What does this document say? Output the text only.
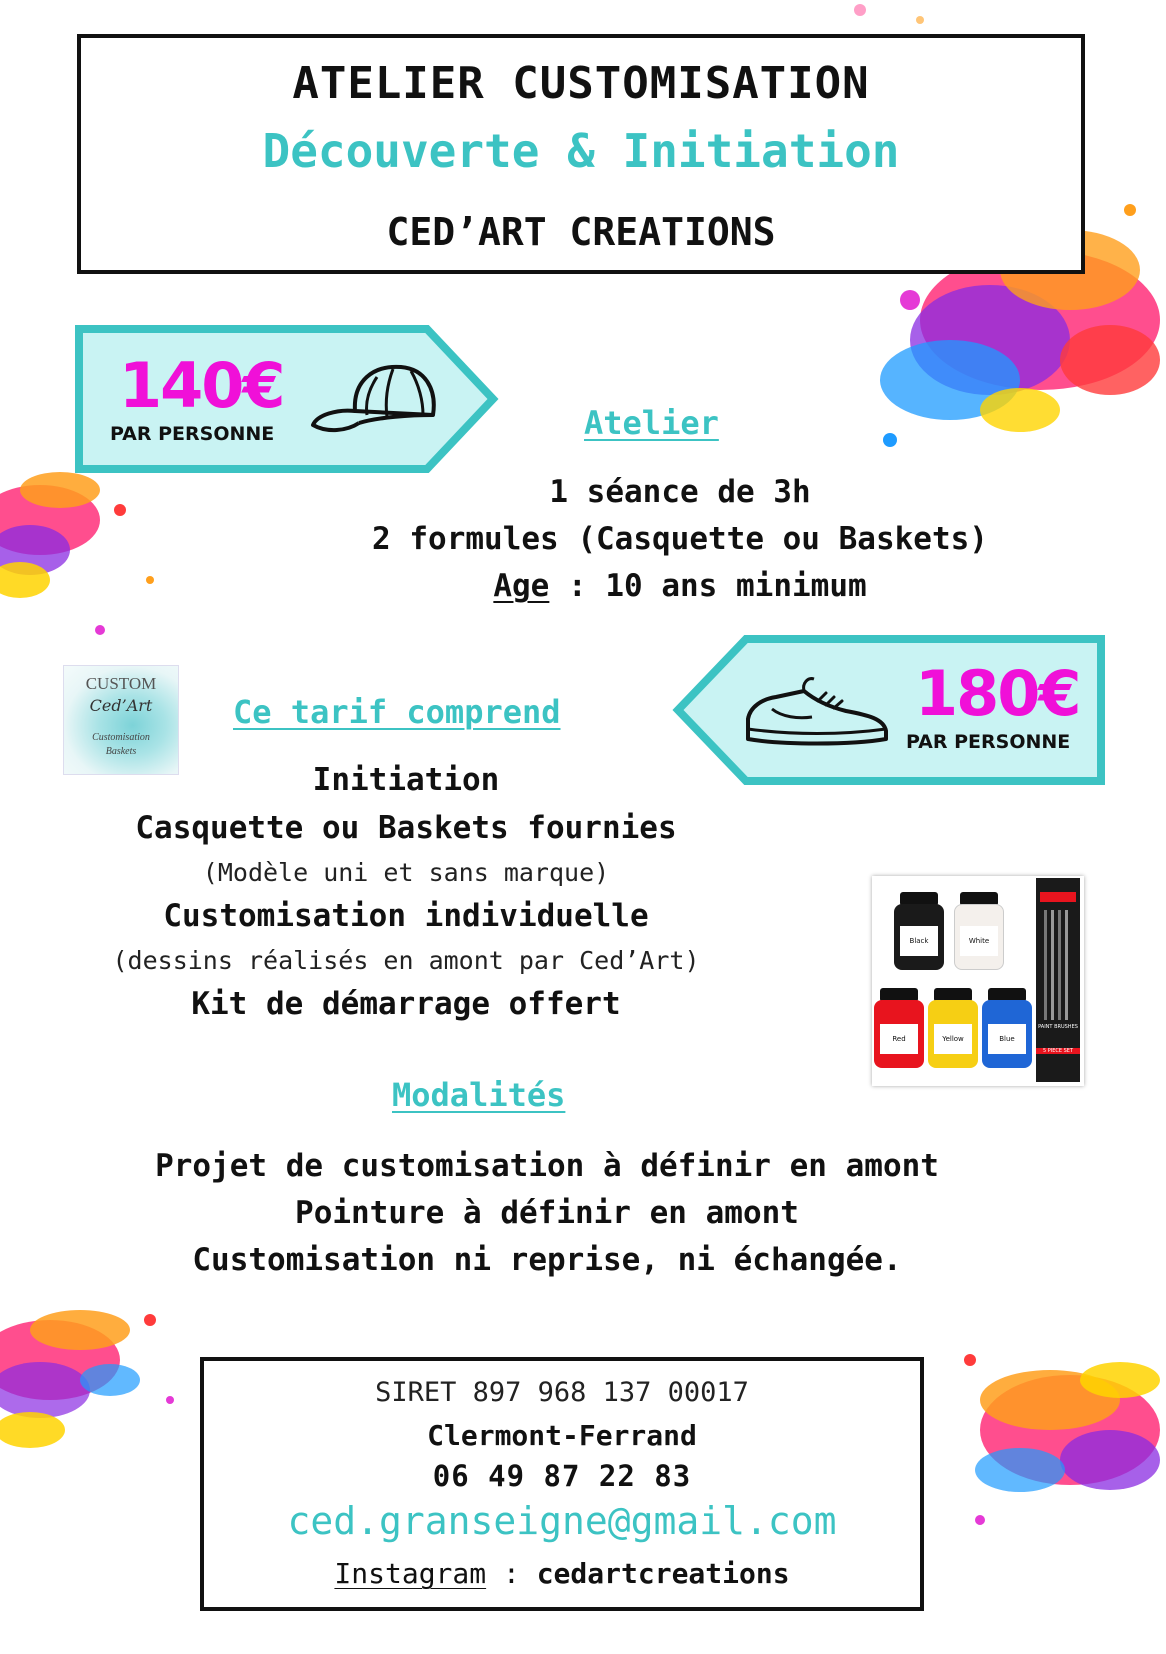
ATELIER CUSTOMISATION
Découverte & Initiation
CED’ART CREATIONS
140€
PAR PERSONNE	Atelier
1 séance de 3h
2 formules (Casquette ou Baskets)
Age : 10 ans minimum
CUSTOM
Ced’Art
Customisation
Baskets
Ce tarif comprend	180€
PAR PERSONNE
Initiation
Casquette ou Baskets fournies
(Modèle uni et sans marque)
Customisation individuelle
(dessins réalisés en amont par Ced’Art)
Kit de démarrage offert
Black	White
Red	Yellow	Blue
PAINT BRUSHES
5 PIECE SET
Modalités
Projet de customisation à définir en amont
Pointure à définir en amont
Customisation ni reprise, ni échangée.
SIRET 897 968 137 00017
Clermont-Ferrand
06 49 87 22 83
ced.granseigne@gmail.com
Instagram : cedartcreations
